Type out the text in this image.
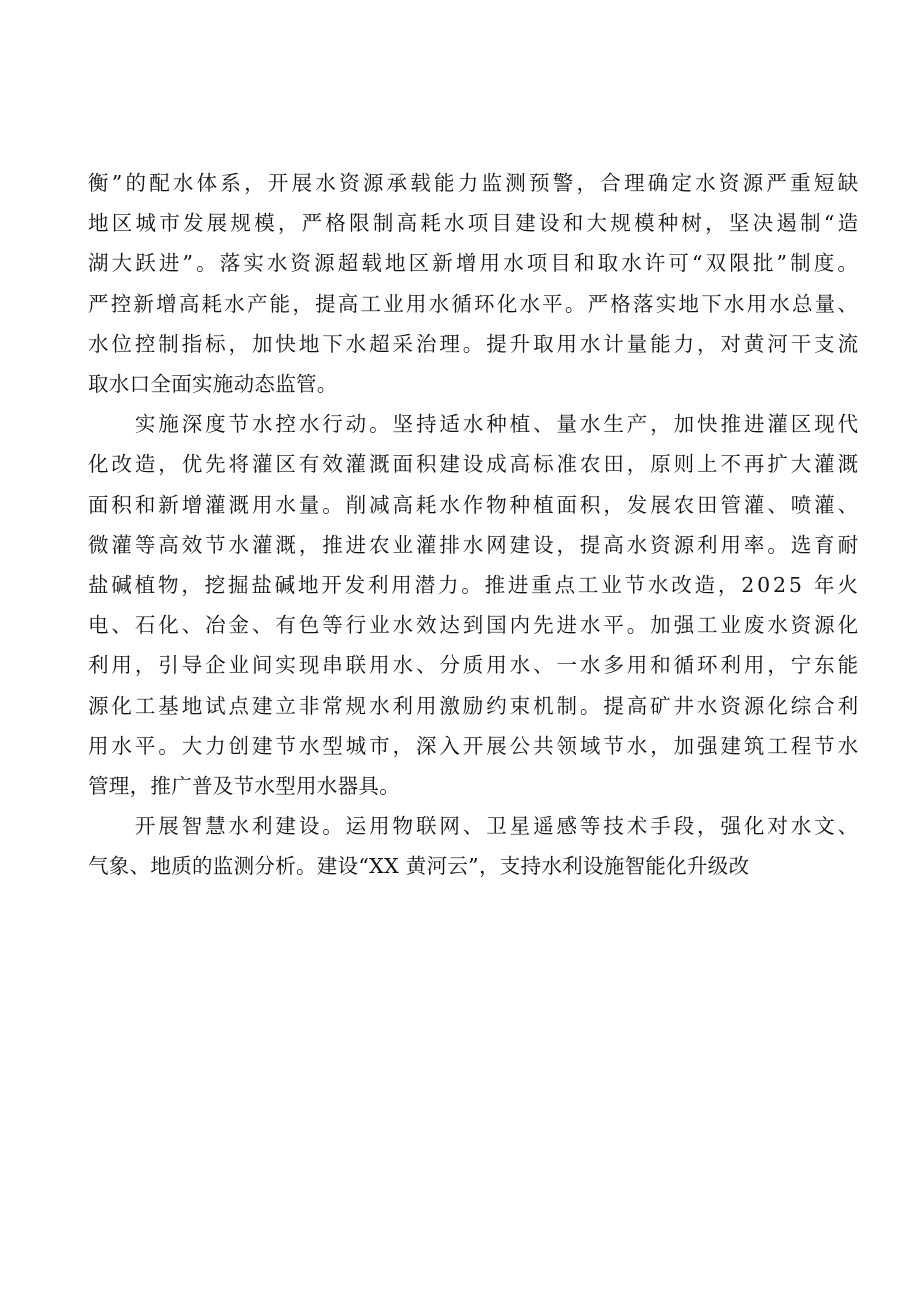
衡”的配水体系，开展水资源承载能力监测预警，合理确定水资源严重短缺
地区城市发展规模，严格限制高耗水项目建设和大规模种树，坚决遏制“造
湖大跃进”。落实水资源超载地区新增用水项目和取水许可“双限批”制度。
严控新增高耗水产能，提高工业用水循环化水平。严格落实地下水用水总量、
水位控制指标，加快地下水超采治理。提升取用水计量能力，对黄河干支流
取水口全面实施动态监管。
　　实施深度节水控水行动。坚持适水种植、量水生产，加快推进灌区现代
化改造，优先将灌区有效灌溉面积建设成高标准农田，原则上不再扩大灌溉
面积和新增灌溉用水量。削减高耗水作物种植面积，发展农田管灌、喷灌、
微灌等高效节水灌溉，推进农业灌排水网建设，提高水资源利用率。选育耐
盐碱植物，挖掘盐碱地开发利用潜力。推进重点工业节水改造，2025 年火
电、石化、冶金、有色等行业水效达到国内先进水平。加强工业废水资源化
利用，引导企业间实现串联用水、分质用水、一水多用和循环利用，宁东能
源化工基地试点建立非常规水利用激励约束机制。提高矿井水资源化综合利
用水平。大力创建节水型城市，深入开展公共领域节水，加强建筑工程节水
管理，推广普及节水型用水器具。
　　开展智慧水利建设。运用物联网、卫星遥感等技术手段，强化对水文、
气象、地质的监测分析。建设“XX 黄河云”，支持水利设施智能化升级改
